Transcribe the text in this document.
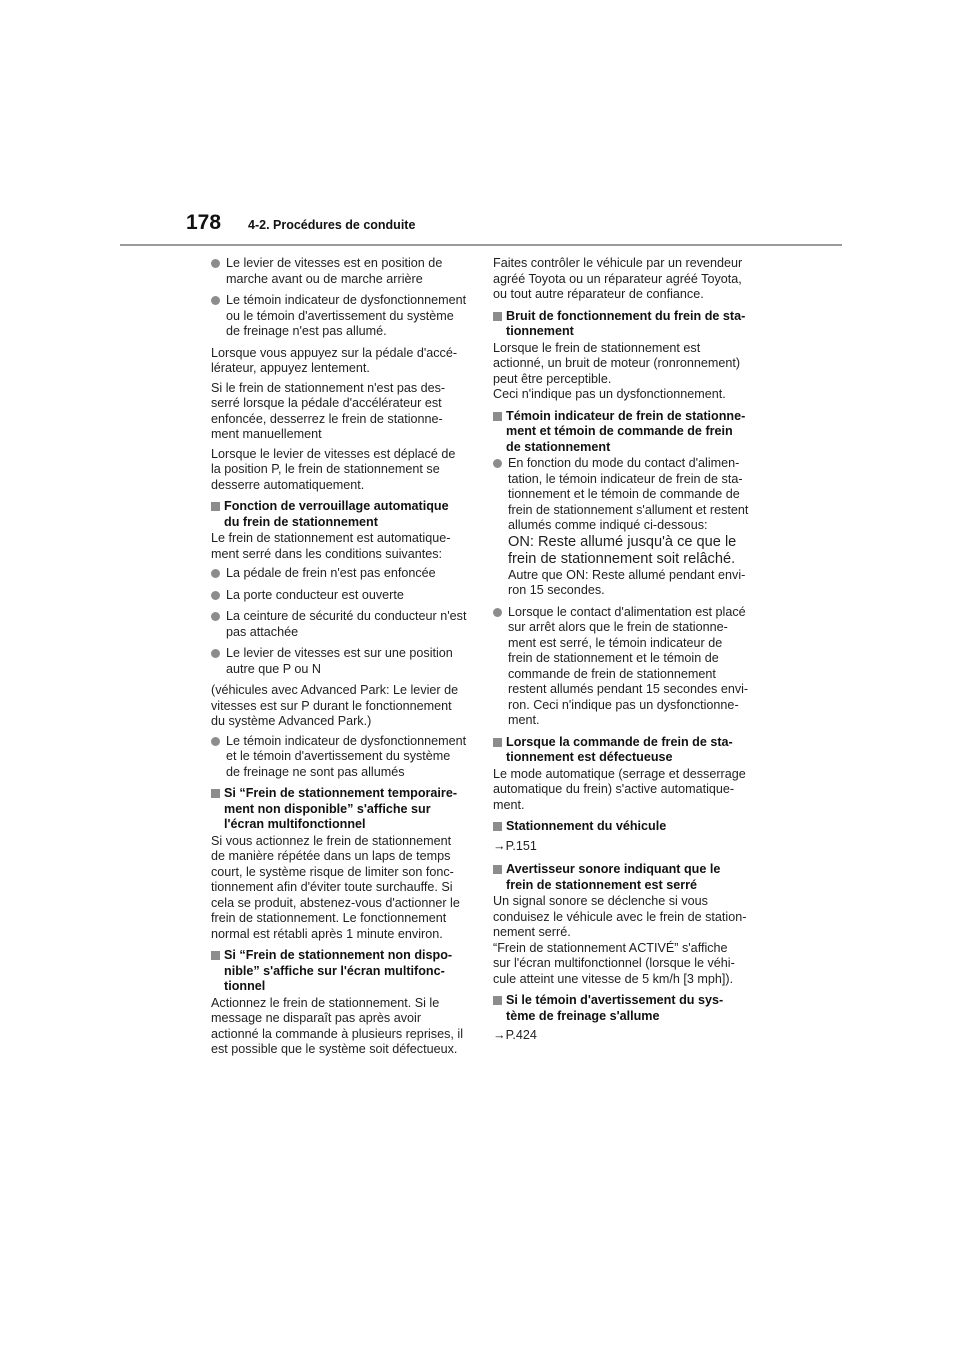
178 4-2. Procédures de conduite
Le levier de vitesses est en position de
marche avant ou de marche arrière
Le témoin indicateur de dysfonctionnement
ou le témoin d'avertissement du système
de freinage n'est pas allumé.
Lorsque vous appuyez sur la pédale d'accé-
lérateur, appuyez lentement.
Si le frein de stationnement n'est pas des-
serré lorsque la pédale d'accélérateur est
enfoncée, desserrez le frein de stationne-
ment manuellement
Lorsque le levier de vitesses est déplacé de
la position P, le frein de stationnement se
desserre automatiquement.
Fonction de verrouillage automatique
du frein de stationnement
Le frein de stationnement est automatique-
ment serré dans les conditions suivantes:
La pédale de frein n'est pas enfoncée
La porte conducteur est ouverte
La ceinture de sécurité du conducteur n'est
pas attachée
Le levier de vitesses est sur une position
autre que P ou N
(véhicules avec Advanced Park: Le levier de
vitesses est sur P durant le fonctionnement
du système Advanced Park.)
Le témoin indicateur de dysfonctionnement
et le témoin d'avertissement du système
de freinage ne sont pas allumés
Si “Frein de stationnement temporaire-
ment non disponible” s'affiche sur
l'écran multifonctionnel
Si vous actionnez le frein de stationnement
de manière répétée dans un laps de temps
court, le système risque de limiter son fonc-
tionnement afin d'éviter toute surchauffe. Si
cela se produit, abstenez-vous d'actionner le
frein de stationnement. Le fonctionnement
normal est rétabli après 1 minute environ.
Si “Frein de stationnement non dispo-
nible” s'affiche sur l'écran multifonc-
tionnel
Actionnez le frein de stationnement. Si le
message ne disparaît pas après avoir
actionné la commande à plusieurs reprises, il
est possible que le système soit défectueux.
Faites contrôler le véhicule par un revendeur
agréé Toyota ou un réparateur agréé Toyota,
ou tout autre réparateur de confiance.
Bruit de fonctionnement du frein de sta-
tionnement
Lorsque le frein de stationnement est
actionné, un bruit de moteur (ronronnement)
peut être perceptible.
Ceci n'indique pas un dysfonctionnement.
Témoin indicateur de frein de stationne-
ment et témoin de commande de frein
de stationnement
En fonction du mode du contact d'alimen-
tation, le témoin indicateur de frein de sta-
tionnement et le témoin de commande de
frein de stationnement s'allument et restent
allumés comme indiqué ci-dessous:
ON: Reste allumé jusqu'à ce que le
frein de stationnement soit relâché.
Autre que ON: Reste allumé pendant envi-
ron 15 secondes.
Lorsque le contact d'alimentation est placé
sur arrêt alors que le frein de stationne-
ment est serré, le témoin indicateur de
frein de stationnement et le témoin de
commande de frein de stationnement
restent allumés pendant 15 secondes envi-
ron. Ceci n'indique pas un dysfonctionne-
ment.
Lorsque la commande de frein de sta-
tionnement est défectueuse
Le mode automatique (serrage et desserrage
automatique du frein) s'active automatique-
ment.
Stationnement du véhicule
→P.151
Avertisseur sonore indiquant que le
frein de stationnement est serré
Un signal sonore se déclenche si vous
conduisez le véhicule avec le frein de station-
nement serré.
“Frein de stationnement ACTIVÉ” s'affiche
sur l'écran multifonctionnel (lorsque le véhi-
cule atteint une vitesse de 5 km/h [3 mph]).
Si le témoin d'avertissement du sys-
tème de freinage s'allume
→P.424
